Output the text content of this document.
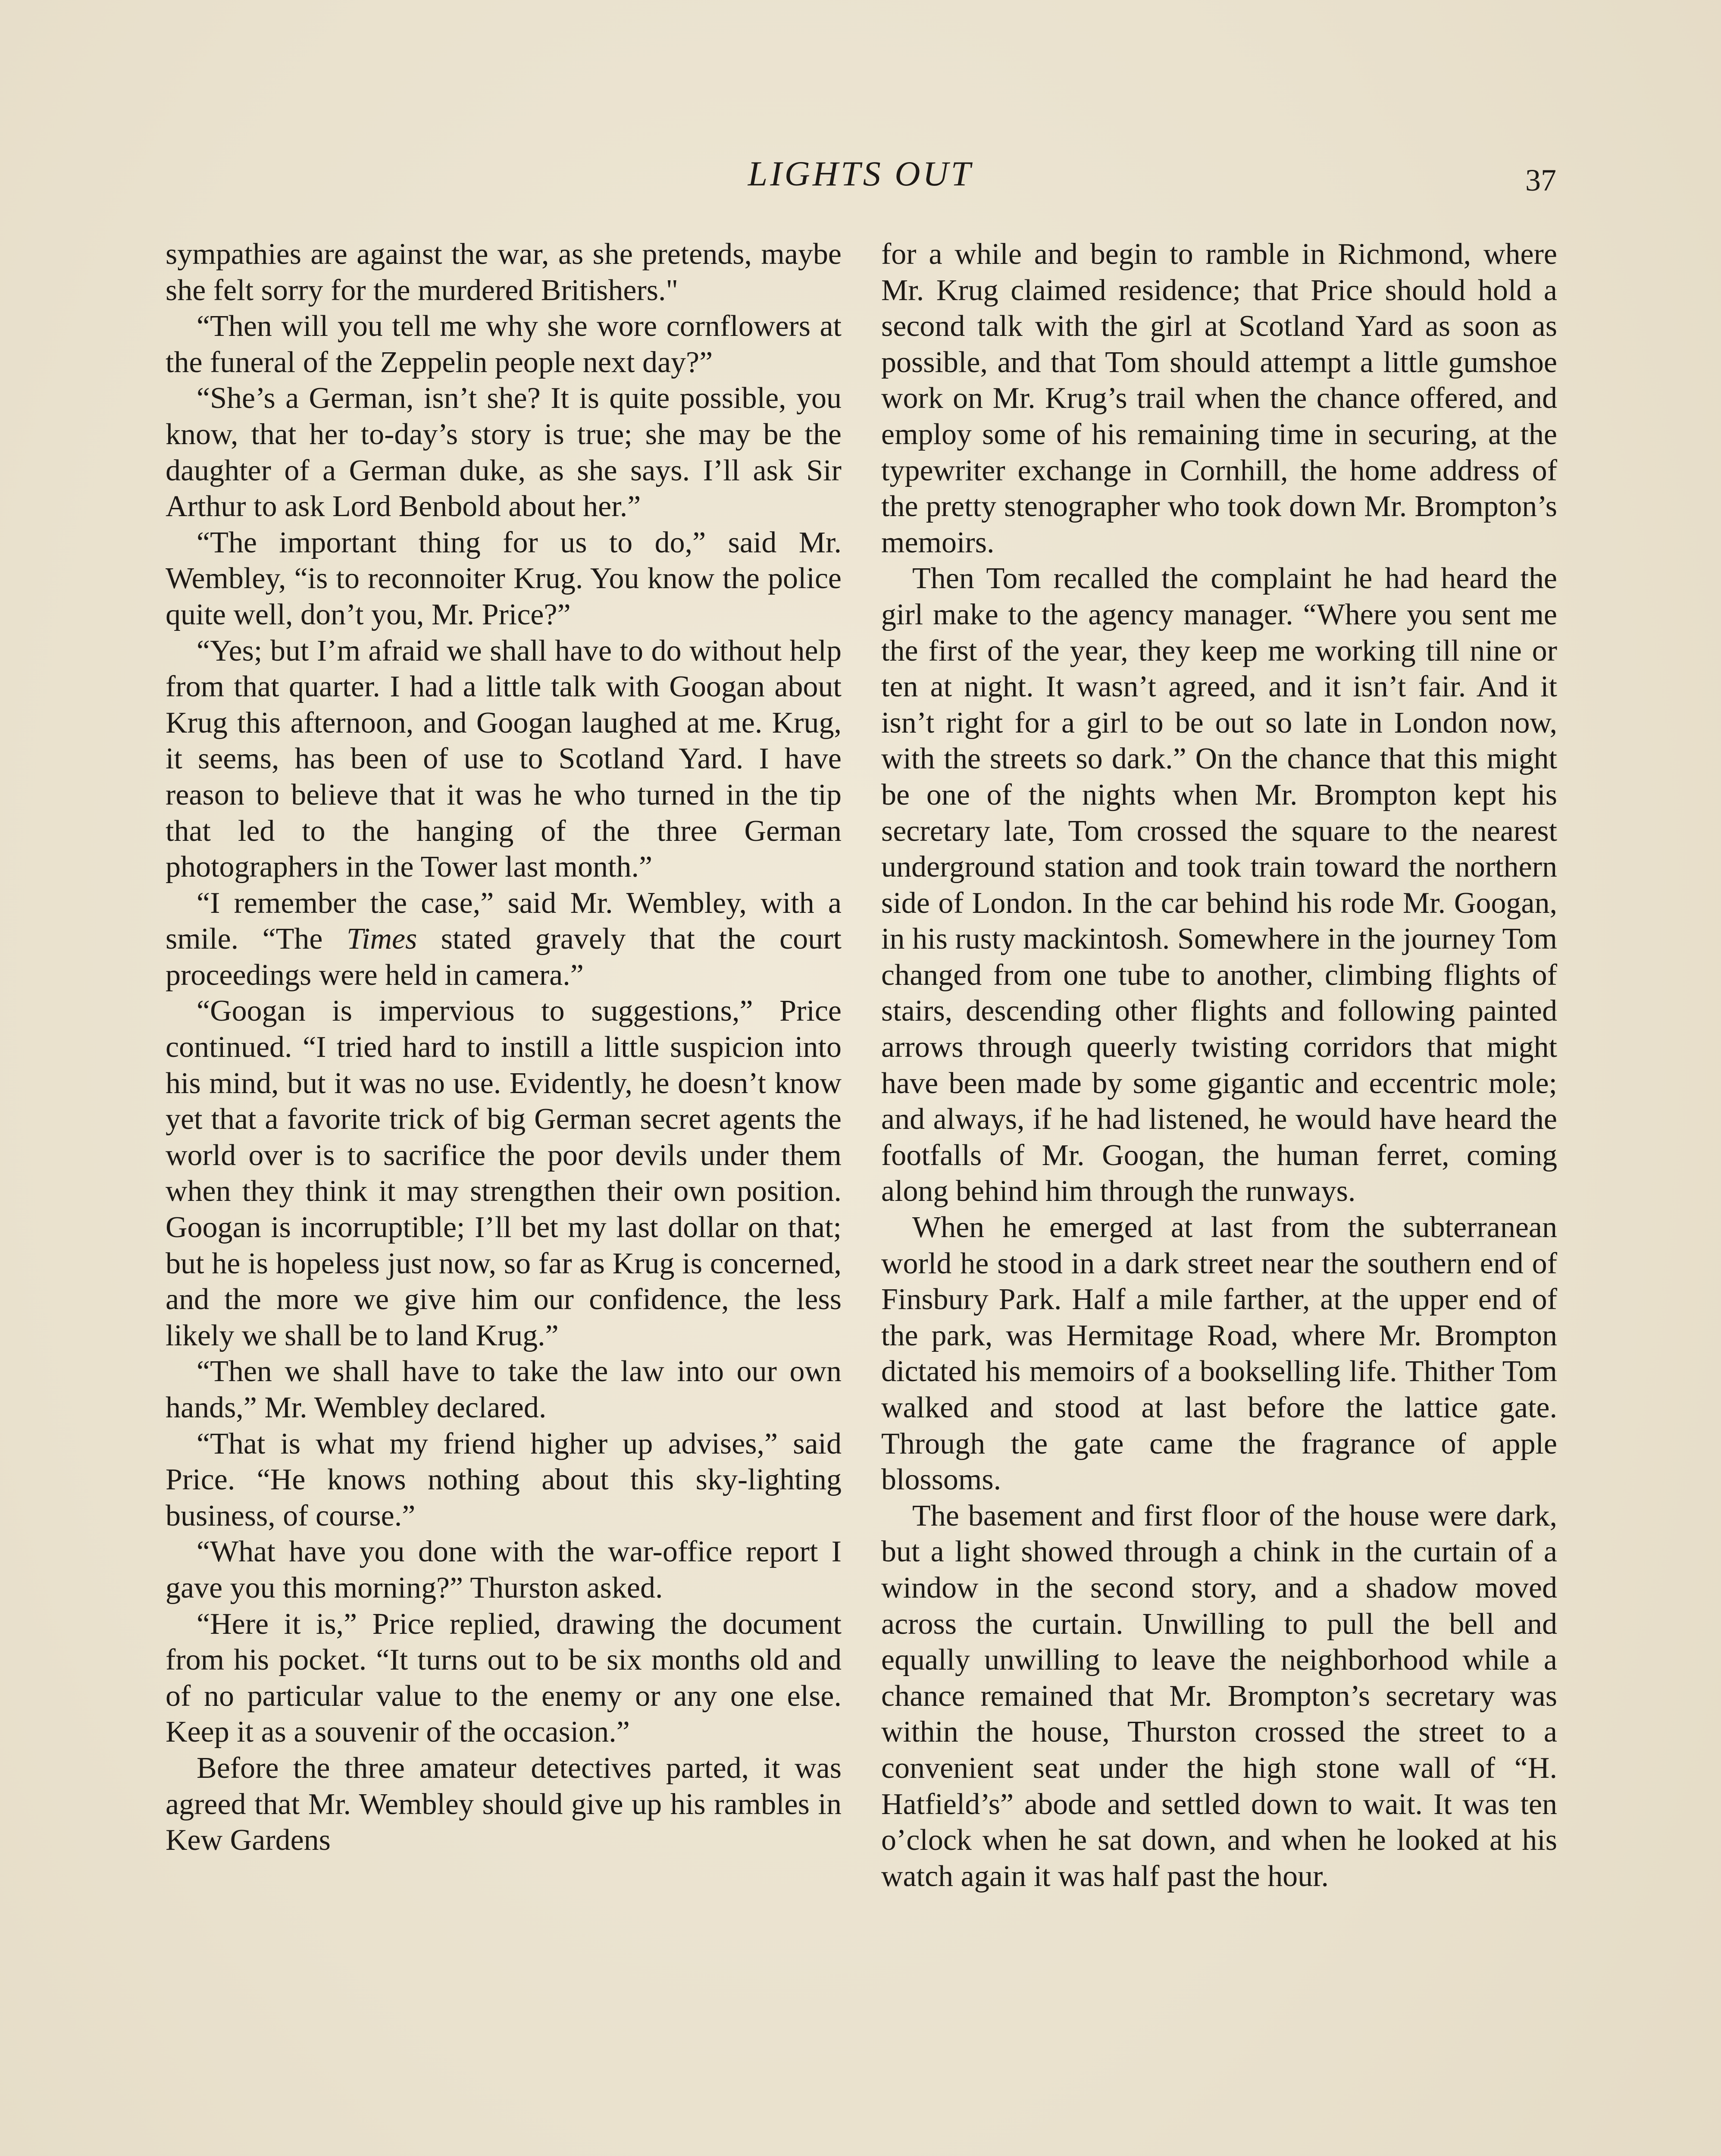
LIGHTS OUT	37

sympathies are against the war, as she pretends, maybe she felt sorry for the murdered Britishers."

“Then will you tell me why she wore cornflowers at the funeral of the Zeppelin people next day?”

“She’s a German, isn’t she? It is quite possible, you know, that her to-day’s story is true; she may be the daughter of a German duke, as she says. I’ll ask Sir Arthur to ask Lord Benbold about her.”

“The important thing for us to do,” said Mr. Wembley, “is to reconnoiter Krug. You know the police quite well, don’t you, Mr. Price?”

“Yes; but I’m afraid we shall have to do without help from that quarter. I had a little talk with Googan about Krug this afternoon, and Googan laughed at me. Krug, it seems, has been of use to Scotland Yard. I have reason to believe that it was he who turned in the tip that led to the hanging of the three German photographers in the Tower last month.”

“I remember the case,” said Mr. Wembley, with a smile. “The Times stated gravely that the court proceedings were held in camera.”

“Googan is impervious to suggestions,” Price continued. “I tried hard to instill a little suspicion into his mind, but it was no use. Evidently, he doesn’t know yet that a favorite trick of big German secret agents the world over is to sacrifice the poor devils under them when they think it may strengthen their own position. Googan is incorruptible; I’ll bet my last dollar on that; but he is hopeless just now, so far as Krug is concerned, and the more we give him our confidence, the less likely we shall be to land Krug.”

“Then we shall have to take the law into our own hands,” Mr. Wembley declared.

“That is what my friend higher up advises,” said Price. “He knows nothing about this sky-lighting business, of course.”

“What have you done with the war-office report I gave you this morning?” Thurston asked.

“Here it is,” Price replied, drawing the document from his pocket. “It turns out to be six months old and of no particular value to the enemy or any one else. Keep it as a souvenir of the occasion.”

Before the three amateur detectives parted, it was agreed that Mr. Wembley should give up his rambles in Kew Gardens

for a while and begin to ramble in Richmond, where Mr. Krug claimed residence; that Price should hold a second talk with the girl at Scotland Yard as soon as possible, and that Tom should attempt a little gumshoe work on Mr. Krug’s trail when the chance offered, and employ some of his remaining time in securing, at the typewriter exchange in Cornhill, the home address of the pretty stenographer who took down Mr. Brompton’s memoirs.

Then Tom recalled the complaint he had heard the girl make to the agency manager. “Where you sent me the first of the year, they keep me working till nine or ten at night. It wasn’t agreed, and it isn’t fair. And it isn’t right for a girl to be out so late in London now, with the streets so dark.” On the chance that this might be one of the nights when Mr. Brompton kept his secretary late, Tom crossed the square to the nearest underground station and took train toward the northern side of London. In the car behind his rode Mr. Googan, in his rusty mackintosh. Somewhere in the journey Tom changed from one tube to another, climbing flights of stairs, descending other flights and following painted arrows through queerly twisting corridors that might have been made by some gigantic and eccentric mole; and always, if he had listened, he would have heard the footfalls of Mr. Googan, the human ferret, coming along behind him through the runways.

When he emerged at last from the subterranean world he stood in a dark street near the southern end of Finsbury Park. Half a mile farther, at the upper end of the park, was Hermitage Road, where Mr. Brompton dictated his memoirs of a bookselling life. Thither Tom walked and stood at last before the lattice gate. Through the gate came the fragrance of apple blossoms.

The basement and first floor of the house were dark, but a light showed through a chink in the curtain of a window in the second story, and a shadow moved across the curtain. Unwilling to pull the bell and equally unwilling to leave the neighborhood while a chance remained that Mr. Brompton’s secretary was within the house, Thurston crossed the street to a convenient seat under the high stone wall of “H. Hatfield’s” abode and settled down to wait. It was ten o’clock when he sat down, and when he looked at his watch again it was half past the hour.
